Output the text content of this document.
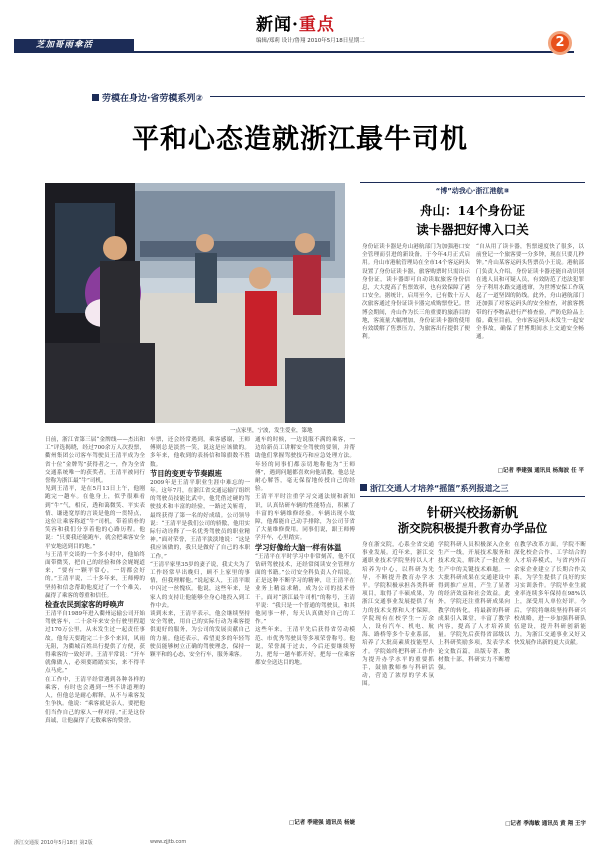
芝加哥雨傘活
新闻·重点
编辑/郑莉 设计/鲁翔 2010年5月18日星期二	2
劳模在身边·省劳模系列②
平和心态造就浙江最牛司机
一点家里，宁波，发生爱业，第地

日前，浙江省第三届“金牌线——杰出和工”评选揭晓，经过700余万人次投票，衢州集团公司客车驾驶员王清平成为全省十位“金牌驾”获得者之一，作为全省交通系统唯一的获奖者，王清平被同行誉称为浙江最“牛”司机。

见到王清平，是在5月13日上午，他刚跑完一趟车。在他身上，似乎很难看到“牛”气，相反，透和蔼微笑、平实表情、谦逊宽厚的言谈是他的一贯特点，这位让乘客称道“牛”司机，带着质朴的笑容和我们分享着他的心路历程。他说：“只要我还能跑车，就会把乘客安全平安地送到目的地。”

与王清平交谈的一个多小时中，他始终面带微笑，把自己的经验和体会娓娓道来，“要有一颗平常心，一切都会好的。”王清平说，二十多年来，王师傅的坚持和信念帮助他度过了一个个难关，赢得了乘客的尊重和信任。

检查农民到家客的呼唤声

王清平自1989年进入衢州运输公司开始驾驶客车，二十余年来安全行驶里程超过170万公里，从未发生过一起责任事故。他每天要跑完二十多个来回，风雨无阻，为衢城百姓出行提供了方便，获得乘客的一致好评。王清平常说：“开车就像做人，必须要踏踏实实，来不得半点马虎。”

在工作中，王清平经常遇到各种各样的乘客，有时也会遇到一些不讲道理的人，但他总是耐心解释，从不与乘客发生争执。他说：“乘客就是亲人，要把他们当作自己的家人一样对待。”正是这份真诚，让他赢得了无数乘客的赞誉。

车票，还会经常遇到，乘客感谢，王师傅则总是淡然一笑，说这是应该做的。多年来，他收到的表扬信和锦旗数不胜数。

节目的变更专节奏跟班

2009年是王清平职业生涯中难忘的一年。这年7月，在浙江省交通运输厅组织的驾驶员技能比武中，他凭借过硬的驾驶技术和丰富的经验，一路过关斩将，最终获得了第一名的好成绩。公司领导说：“王清平是我们公司的骄傲，他用实际行动诠释了一名优秀驾驶员的职业精神。”面对荣誉，王清平淡淡地说：“这是我应该做的，我只是做好了自己的本职工作。”

“王清平家里35岁的妻子说，我丈夫为了工作经常早出晚归，顾不上家里的事情，但我理解他。”说起家人，王清平眼中闪过一丝愧疚。他说，这些年来，是家人的支持让他能够全身心地投入到工作中去。

谈到未来，王清平表示，他会继续坚持安全驾驶，用自己的实际行动为乘客提供更好的服务，为公司的发展贡献自己的力量。他还表示，希望更多的年轻驾驶员能够树立正确的驾驶理念，保持一颗平和的心态，安全行车，服务乘客。

通车的时候，一边说服不满的乘客，一边给新员工讲解安全驾驶的要领，并帮助他们掌握驾驶技巧和应急处理方法。年轻的同事们都亲切地称他为“王师傅”，遇到问题都喜欢向他请教。他总是耐心解答，毫无保留地传授自己的经验。

王清平平时注重学习交通法规和新知识，认真钻研车辆的性能特点，积累了丰富的车辆维修经验。车辆出现小故障，他都能自己动手排除，为公司节省了大量维修费用。同事们说，跟王师傅学开车，心里踏实。

学习好像给大脑一样有体温

“王清平在平时学习中非常刻苦，他不仅钻研驾驶技术，还经常阅读安全管理方面的书籍。”公司安全科负责人介绍说。正是这种不断学习的精神，让王清平在业务上精益求精，成为公司的技术骨干。面对“浙江最牛司机”的称号，王清平说：“我只是一个普通的驾驶员，和其他同事一样，每天认真做好自己的工作。”

这些年来，王清平先后获得省劳动模范、市优秀驾驶员等多项荣誉称号。他说，荣誉属于过去，今后还要继续努力，把每一趟车都开好，把每一位乘客都安全送达目的地。

□记者 季建强 通讯员 杨婕
“博”动我心·浙江港航⑧
舟山：14个身份证
读卡器把好博入口关
身份证读卡器是舟山港航部门为加强港口安全管理而引进的新设备，于今年4月正式启用。舟山市港航管理局在全市14个客运码头设置了身份证读卡器，旅客购票时只需出示身份证，读卡器即可自动读取旅客身份信息，大大提高了售票效率，也有效保障了港口安全。据统计，启用至今，已有数十万人次旅客通过身份证读卡器完成购票登记。世博会期间，舟山作为长三角重要的旅游目的地，客流量大幅增加，身份证读卡器的使用有效缓解了售票压力，为旅客出行提供了便利。
“自从用了读卡器，售票速度快了很多，以前登记一个旅客要一分多钟，现在只要几秒钟。”舟山某客运码头售票员小王说。港航部门负责人介绍，身份证读卡器还能自动识别在逃人员和可疑人员，有效防范了违法犯罪分子利用水路交通逃窜，为世博安保工作筑起了一道坚固的防线。此外，舟山港航部门还加强了对客运码头的安全检查，对旅客携带的行李物品进行严格查验，严防危险品上船。截至目前，全市客运码头未发生一起安全事故，确保了世博期间水上交通安全畅通。
□记者 季建强 通讯员 杨海波 任 平
浙江交通人才培养“摇篮”系列报道之三
针研兴校扬新帆
浙交院积极提升教育办学品位
身在浙交院，心系全省交通事业发展。近年来，浙江交通职业技术学院坚持以人才培养为中心，以科研为先导，不断提升教育办学水平。学院积极承担各类科研项目，取得了丰硕成果，为浙江交通事业发展提供了有力的技术支撑和人才保障。学院现有在校学生一万余人，设有汽车、机电、航海、路桥等多个专业系部，培养了大批高素质技能型人才。学院始终把科研工作作为提升办学水平的重要抓手，鼓励教师参与科研活动，营造了浓厚的学术氛围。
学院科研人员积极深入企业生产一线，开展技术服务和技术攻关，解决了一批企业生产中的关键技术难题。一大批科研成果在交通建设中得到推广应用，产生了显著的经济效益和社会效益。此外，学院还注重科研成果向教学的转化，将最新的科研成果引入课堂，丰富了教学内容，提高了人才培养质量。学院先后获得省部级以上科研奖励多项，发表学术论文数百篇，出版专著、教材数十部，科研实力不断增强。
在教学改革方面，学院不断深化校企合作、工学结合的人才培养模式，与省内外百余家企业建立了长期合作关系，为学生提供了良好的实习实训条件。学院毕业生就业率连续多年保持在98%以上，深受用人单位好评。今后，学院将继续坚持科研兴校战略，进一步加强科研队伍建设，提升科研创新能力，为浙江交通事业又好又快发展作出新的更大贡献。
□记者 季海敏 通讯员 黄 翔 王宇
浙江交通报 2010年5月18日 第2版	www.zjjtb.com
